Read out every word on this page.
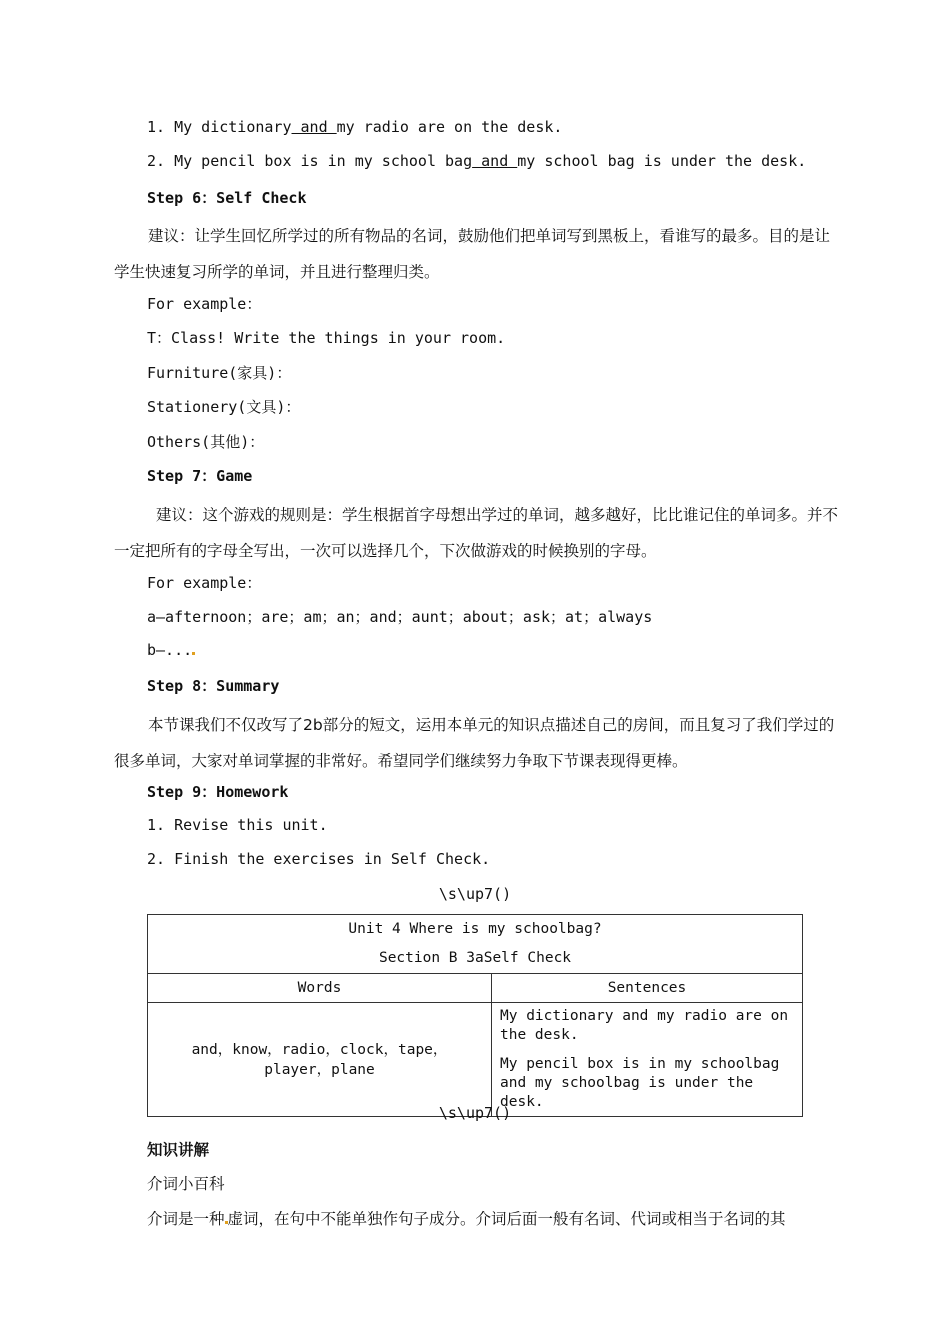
1. My dictionary and my radio are on the desk.
2. My pencil box is in my school bag and my school bag is under the desk.
Step 6：Self Check
建议：让学生回忆所学过的所有物品的名词，鼓励他们把单词写到黑板上，看谁写的最多。目的是让学生快速复习所学的单词，并且进行整理归类。
For example：
T：Class! Write the things in your room.
Furniture(家具)：
Stationery(文具)：
Others(其他)：
Step 7：Game
建议：这个游戏的规则是：学生根据首字母想出学过的单词，越多越好，比比谁记住的单词多。并不一定把所有的字母全写出，一次可以选择几个，下次做游戏的时候换别的字母。
For example：
a—afternoon；are；am；an；and；aunt；about；ask；at；always
b—...
Step 8：Summary
本节课我们不仅改写了2b部分的短文，运用本单元的知识点描述自己的房间，而且复习了我们学过的很多单词，大家对单词掌握的非常好。希望同学们继续努力争取下节课表现得更棒。
Step 9：Homework
1. Revise this unit.
2. Finish the exercises in Self Check.
\s\up7()
Unit 4 Where is my schoolbag?
Section B 3aSelf Check	

Words	Sentences
and，know，radio，clock，tape，player，plane	My dictionary and my radio are on the desk.

My pencil box is in my schoolbag and my schoolbag is under the desk.

\s\up7()
知识讲解
介词小百科
介词是一种 虚词，在句中不能单独作句子成分。介词后面一般有名词、代词或相当于名词的其
